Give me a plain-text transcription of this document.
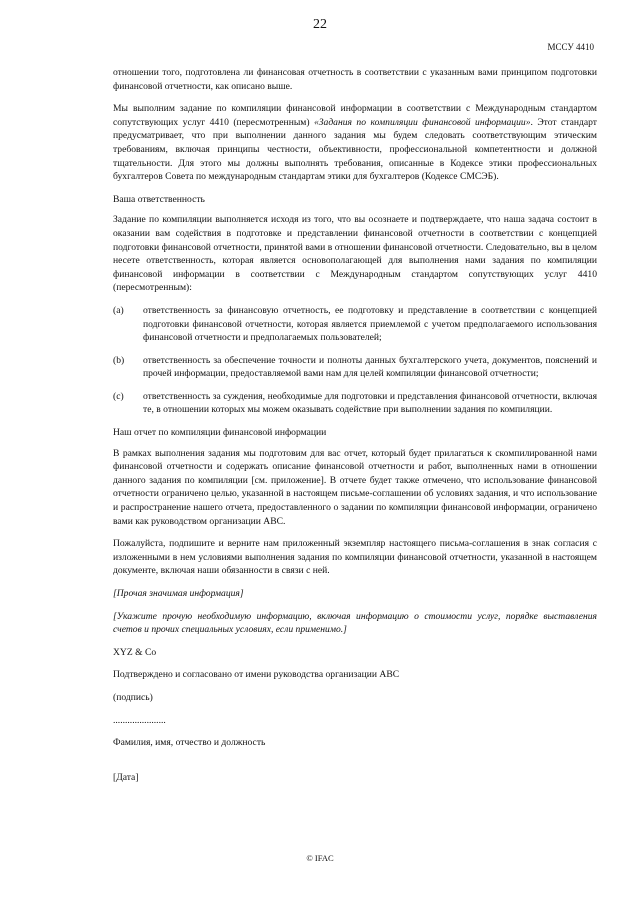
22
МССУ 4410

отношении того, подготовлена ли финансовая отчетность в соответствии с указанным вами принципом подготовки финансовой отчетности, как описано выше.

Мы выполним задание по компиляции финансовой информации в соответствии с Международным стандартом сопутствующих услуг 4410 (пересмотренным) «Задания по компиляции финансовой информации». Этот стандарт предусматривает, что при выполнении данного задания мы будем следовать соответствующим этическим требованиям, включая принципы честности, объективности, профессиональной компетентности и должной тщательности. Для этого мы должны выполнять требования, описанные в Кодексе этики профессиональных бухгалтеров Совета по международным стандартам этики для бухгалтеров (Кодексе СМСЭБ).

Ваша ответственность

Задание по компиляции выполняется исходя из того, что вы осознаете и подтверждаете, что наша задача состоит в оказании вам содействия в подготовке и представлении финансовой отчетности в соответствии с концепцией подготовки финансовой отчетности, принятой вами в отношении финансовой отчетности. Следовательно, вы в целом несете ответственность, которая является основополагающей для выполнения нами задания по компиляции финансовой информации в соответствии с Международным стандартом сопутствующих услуг 4410 (пересмотренным):

(a)	ответственность за финансовую отчетность, ее подготовку и представление в соответствии с концепцией подготовки финансовой отчетности, которая является приемлемой с учетом предполагаемого использования финансовой отчетности и предполагаемых пользователей;
(b)	ответственность за обеспечение точности и полноты данных бухгалтерского учета, документов, пояснений и прочей информации, предоставляемой вами нам для целей компиляции финансовой отчетности;
(c)	ответственность за суждения, необходимые для подготовки и представления финансовой отчетности, включая те, в отношении которых мы можем оказывать содействие при выполнении задания по компиляции.

Наш отчет по компиляции финансовой информации

В рамках выполнения задания мы подготовим для вас отчет, который будет прилагаться к скомпилированной нами финансовой отчетности и содержать описание финансовой отчетности и работ, выполненных нами в отношении данного задания по компиляции [см. приложение]. В отчете будет также отмечено, что использование финансовой отчетности ограничено целью, указанной в настоящем письме-соглашении об условиях задания, и что использование и распространение нашего отчета, предоставленного о задании по компиляции финансовой информации, ограничено вами как руководством организации ABC.

Пожалуйста, подпишите и верните нам приложенный экземпляр настоящего письма-соглашения в знак согласия с изложенными в нем условиями выполнения задания по компиляции финансовой отчетности, указанной в настоящем документе, включая наши обязанности в связи с ней.

[Прочая значимая информация]

[Укажите прочую необходимую информацию, включая информацию о стоимости услуг, порядке выставления счетов и прочих специальных условиях, если применимо.]

XYZ & Co

Подтверждено и согласовано от имени руководства организации ABC

(подпись)

......................

Фамилия, имя, отчество и должность

[Дата]

© IFAC
